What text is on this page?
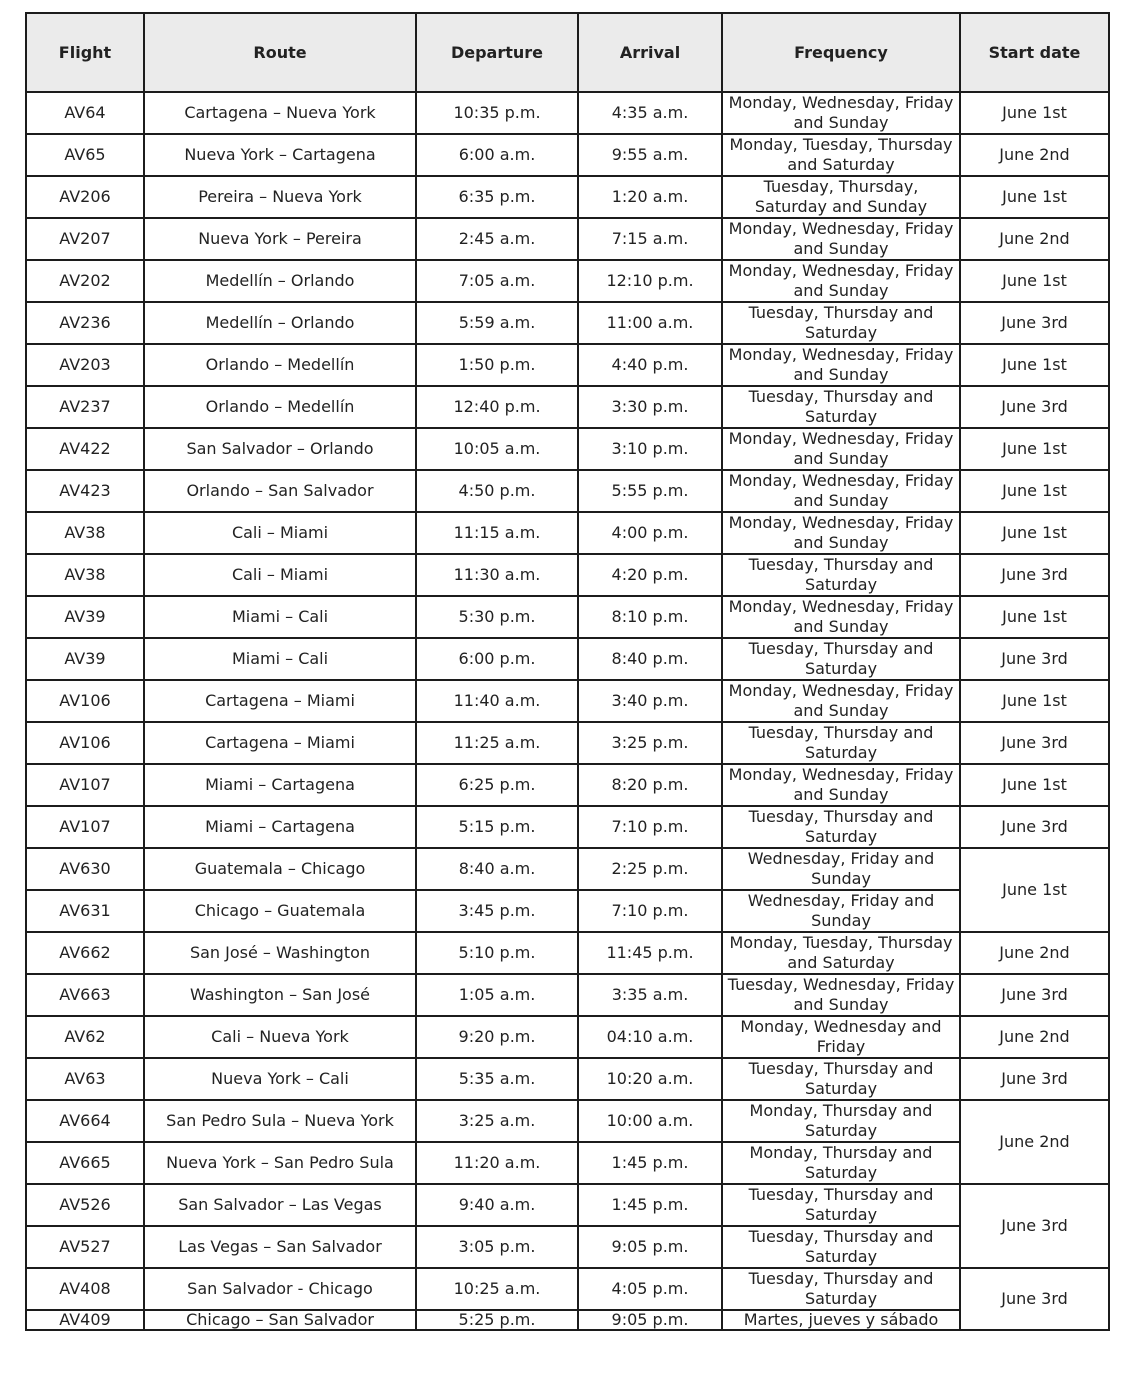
Flight	Route	Departure	Arrival	Frequency	Start date
AV64	Cartagena – Nueva York	10:35 p.m.	4:35 a.m.	Monday, Wednesday, Friday and Sunday	June 1st
AV65	Nueva York – Cartagena	6:00 a.m.	9:55 a.m.	Monday, Tuesday, Thursday and Saturday	June 2nd
AV206	Pereira – Nueva York	6:35 p.m.	1:20 a.m.	Tuesday, Thursday, Saturday and Sunday	June 1st
AV207	Nueva York – Pereira	2:45 a.m.	7:15 a.m.	Monday, Wednesday, Friday and Sunday	June 2nd
AV202	Medellín – Orlando	7:05 a.m.	12:10 p.m.	Monday, Wednesday, Friday and Sunday	June 1st
AV236	Medellín – Orlando	5:59 a.m.	11:00 a.m.	Tuesday, Thursday and Saturday	June 3rd
AV203	Orlando – Medellín	1:50 p.m.	4:40 p.m.	Monday, Wednesday, Friday and Sunday	June 1st
AV237	Orlando – Medellín	12:40 p.m.	3:30 p.m.	Tuesday, Thursday and Saturday	June 3rd
AV422	San Salvador – Orlando	10:05 a.m.	3:10 p.m.	Monday, Wednesday, Friday and Sunday	June 1st
AV423	Orlando – San Salvador	4:50 p.m.	5:55 p.m.	Monday, Wednesday, Friday and Sunday	June 1st
AV38	Cali – Miami	11:15 a.m.	4:00 p.m.	Monday, Wednesday, Friday and Sunday	June 1st
AV38	Cali – Miami	11:30 a.m.	4:20 p.m.	Tuesday, Thursday and Saturday	June 3rd
AV39	Miami – Cali	5:30 p.m.	8:10 p.m.	Monday, Wednesday, Friday and Sunday	June 1st
AV39	Miami – Cali	6:00 p.m.	8:40 p.m.	Tuesday, Thursday and Saturday	June 3rd
AV106	Cartagena – Miami	11:40 a.m.	3:40 p.m.	Monday, Wednesday, Friday and Sunday	June 1st
AV106	Cartagena – Miami	11:25 a.m.	3:25 p.m.	Tuesday, Thursday and Saturday	June 3rd
AV107	Miami – Cartagena	6:25 p.m.	8:20 p.m.	Monday, Wednesday, Friday and Sunday	June 1st
AV107	Miami – Cartagena	5:15 p.m.	7:10 p.m.	Tuesday, Thursday and Saturday	June 3rd
AV630	Guatemala – Chicago	8:40 a.m.	2:25 p.m.	Wednesday, Friday and Sunday	June 1st
AV631	Chicago – Guatemala	3:45 p.m.	7:10 p.m.	Wednesday, Friday and Sunday	
AV662	San José – Washington	5:10 p.m.	11:45 p.m.	Monday, Tuesday, Thursday and Saturday	June 2nd
AV663	Washington – San José	1:05 a.m.	3:35 a.m.	Tuesday, Wednesday, Friday and Sunday	June 3rd
AV62	Cali – Nueva York	9:20 p.m.	04:10 a.m.	Monday, Wednesday and Friday	June 2nd
AV63	Nueva York – Cali	5:35 a.m.	10:20 a.m.	Tuesday, Thursday and Saturday	June 3rd
AV664	San Pedro Sula – Nueva York	3:25 a.m.	10:00 a.m.	Monday, Thursday and Saturday	June 2nd
AV665	Nueva York – San Pedro Sula	11:20 a.m.	1:45 p.m.	Monday, Thursday and Saturday	
AV526	San Salvador – Las Vegas	9:40 a.m.	1:45 p.m.	Tuesday, Thursday and Saturday	June 3rd
AV527	Las Vegas – San Salvador	3:05 p.m.	9:05 p.m.	Tuesday, Thursday and Saturday	
AV408	San Salvador - Chicago	10:25 a.m.	4:05 p.m.	Tuesday, Thursday and Saturday	June 3rd
AV409	Chicago – San Salvador	5:25 p.m.	9:05 p.m.	Martes, jueves y sábado	
